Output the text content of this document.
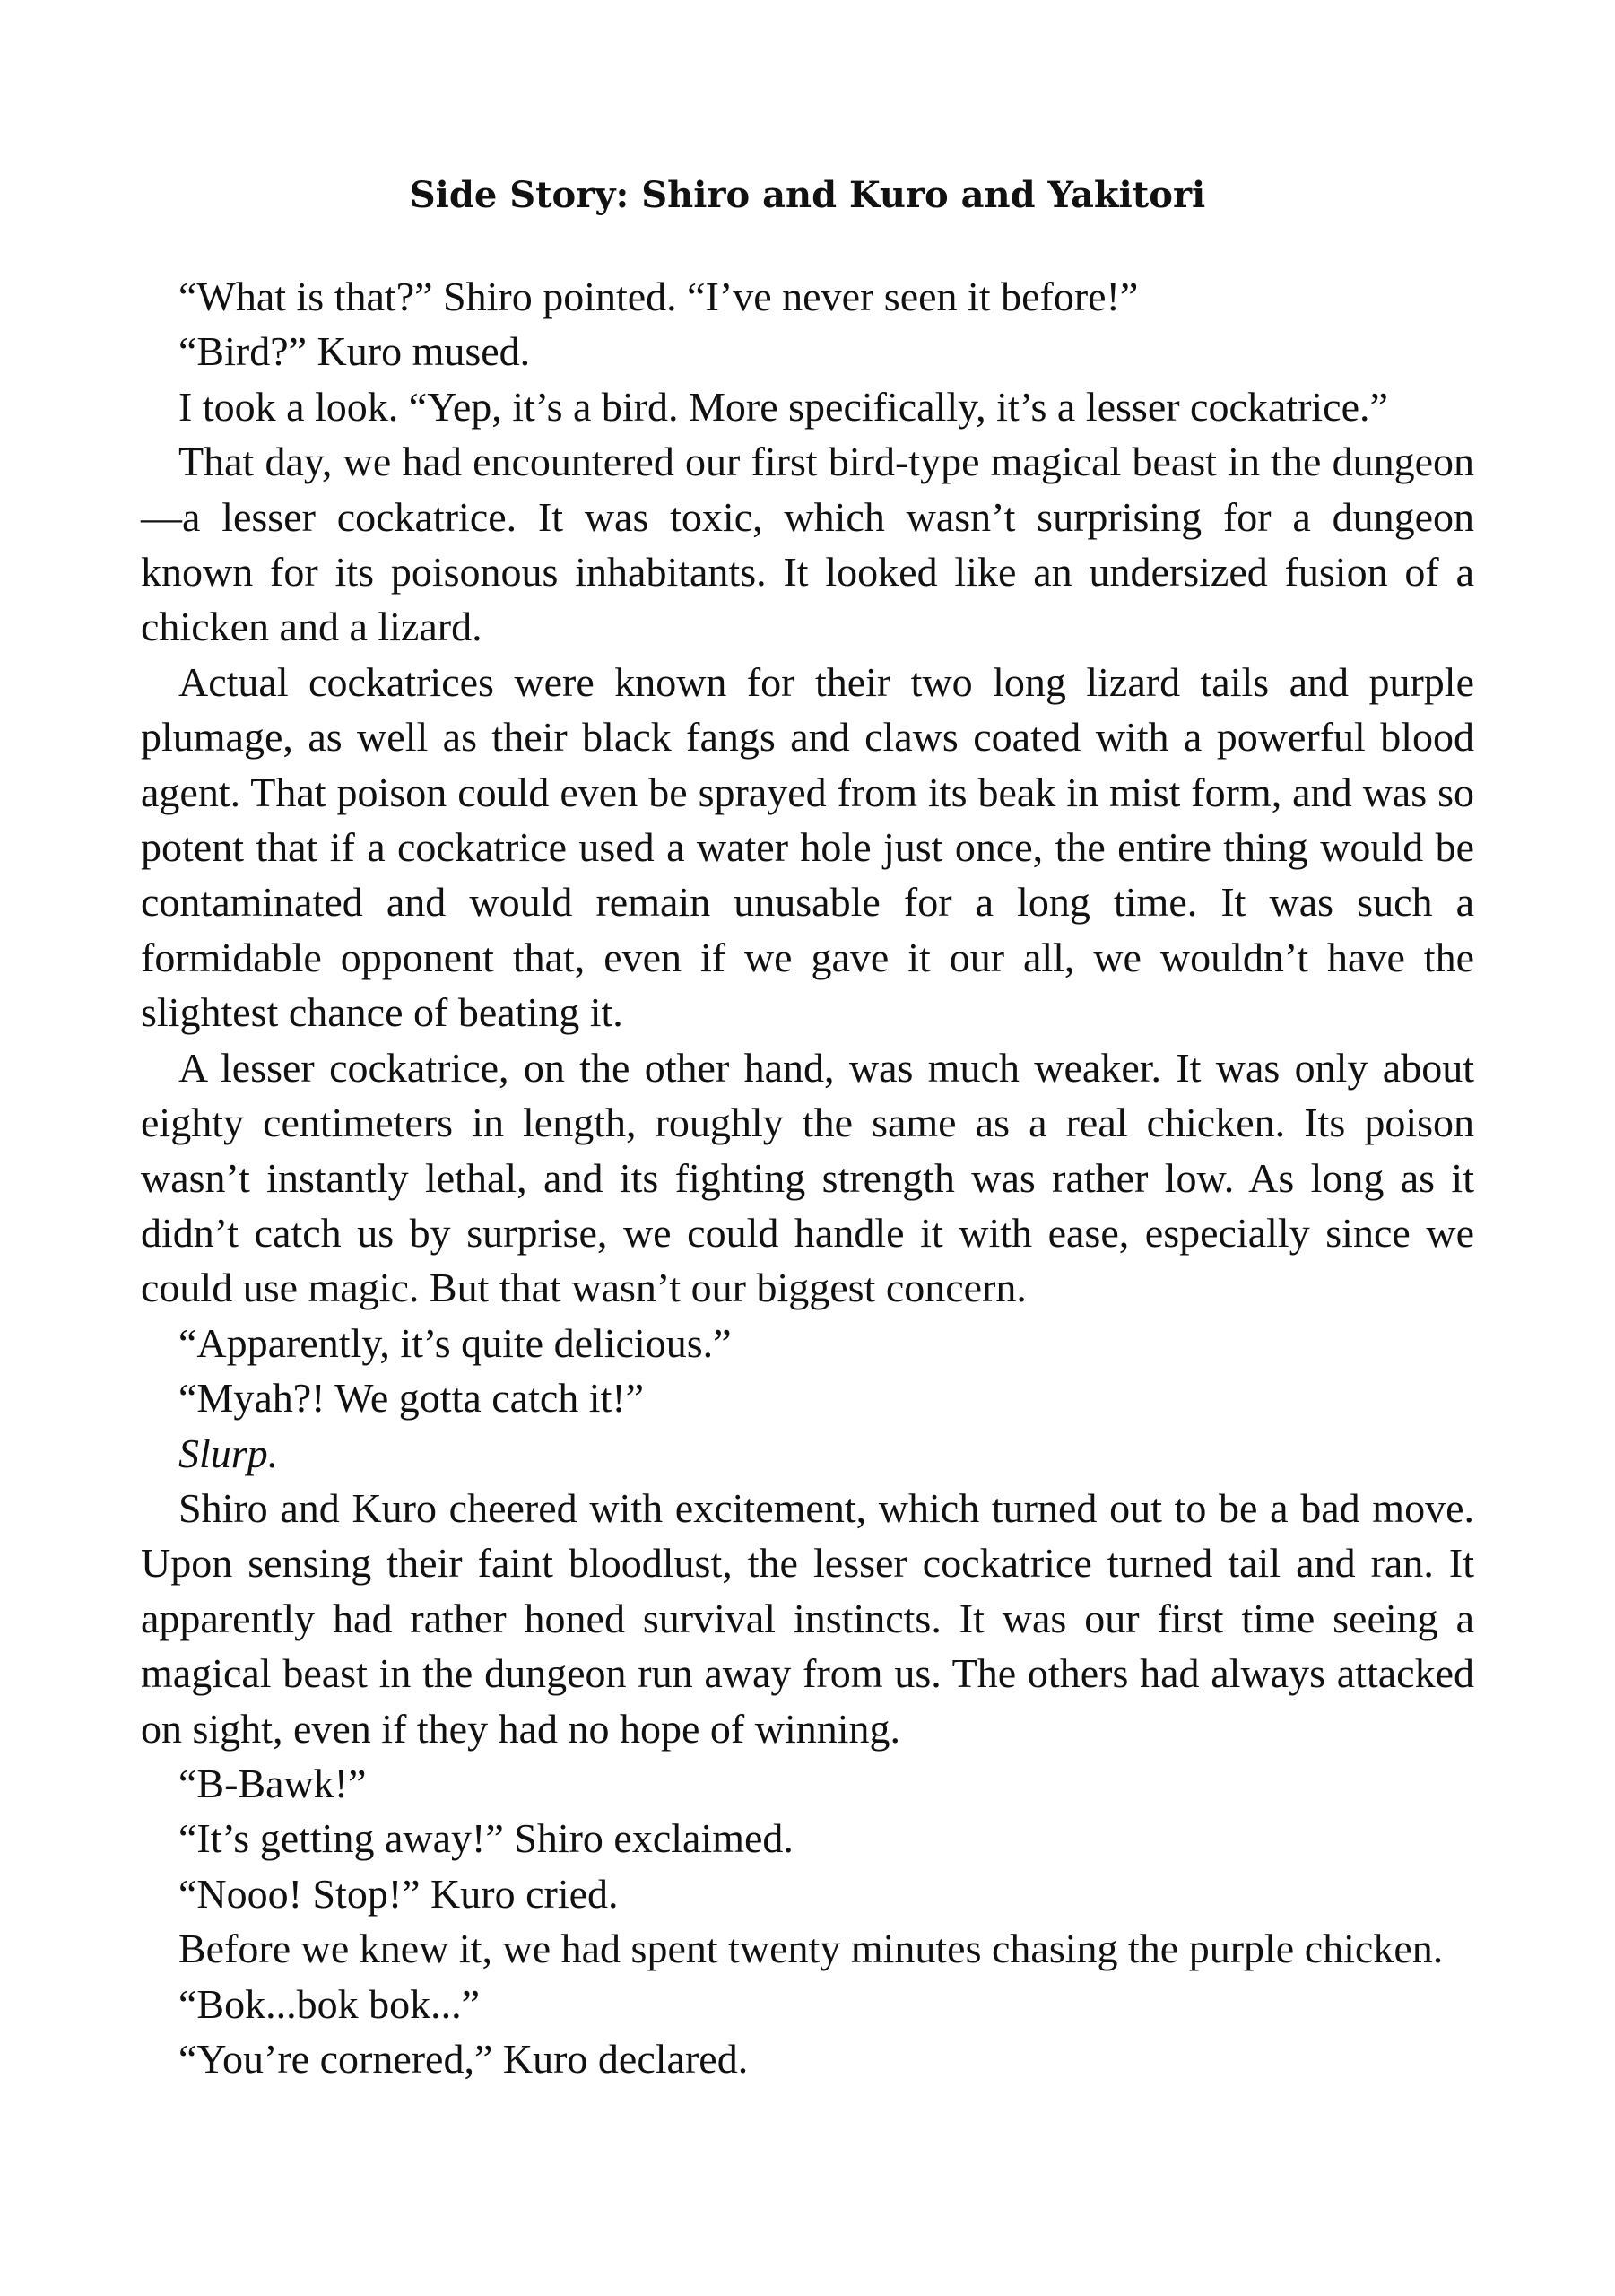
Side Story: Shiro and Kuro and Yakitori

“What is that?” Shiro pointed. “I’ve never seen it before!”

“Bird?” Kuro mused.

I took a look. “Yep, it’s a bird. More specifically, it’s a lesser cockatrice.”

That day, we had encountered our first bird-type magical beast in the dungeon—a lesser cockatrice. It was toxic, which wasn’t surprising for a dungeon known for its poisonous inhabitants. It looked like an undersized fusion of a chicken and a lizard.

Actual cockatrices were known for their two long lizard tails and purple plumage, as well as their black fangs and claws coated with a powerful blood agent. That poison could even be sprayed from its beak in mist form, and was so potent that if a cockatrice used a water hole just once, the entire thing would be contaminated and would remain unusable for a long time. It was such a formidable opponent that, even if we gave it our all, we wouldn’t have the slightest chance of beating it.

A lesser cockatrice, on the other hand, was much weaker. It was only about eighty centimeters in length, roughly the same as a real chicken. Its poison wasn’t instantly lethal, and its fighting strength was rather low. As long as it didn’t catch us by surprise, we could handle it with ease, especially since we could use magic. But that wasn’t our biggest concern.

“Apparently, it’s quite delicious.”

“Myah?! We gotta catch it!”

Slurp.

Shiro and Kuro cheered with excitement, which turned out to be a bad move. Upon sensing their faint bloodlust, the lesser cockatrice turned tail and ran. It apparently had rather honed survival instincts. It was our first time seeing a magical beast in the dungeon run away from us. The others had always attacked on sight, even if they had no hope of winning.

“B-Bawk!”

“It’s getting away!” Shiro exclaimed.

“Nooo! Stop!” Kuro cried.

Before we knew it, we had spent twenty minutes chasing the purple chicken.

“Bok...bok bok...”

“You’re cornered,” Kuro declared.
